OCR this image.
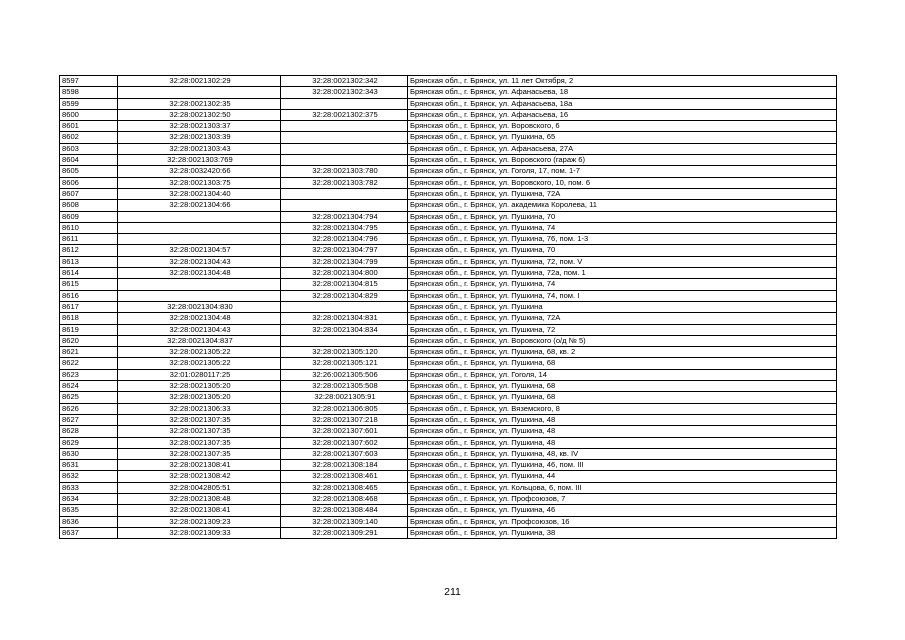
8597	32:28:0021302:29	32:28:0021302:342	Брянская обл., г. Брянск, ул. 11 лет Октября, 2
8598		32:28:0021302:343	Брянская обл., г. Брянск, ул. Афанасьева, 18
8599	32:28:0021302:35		Брянская обл., г. Брянск, ул. Афанасьева, 18а
8600	32:28:0021302:50	32:28:0021302:375	Брянская обл., г. Брянск, ул. Афанасьева, 16
8601	32:28:0021303:37		Брянская обл., г. Брянск, ул. Воровского, 6
8602	32:28:0021303:39		Брянская обл., г. Брянск, ул. Пушкина, 65
8603	32:28:0021303:43		Брянская обл., г. Брянск, ул. Афанасьева, 27А
8604	32:28:0021303:769		Брянская обл., г. Брянск, ул. Воровского (гараж 6)
8605	32:28:0032420:66	32:28:0021303:780	Брянская обл., г. Брянск, ул. Гоголя, 17, пом. 1-7
8606	32:28:0021303:75	32:28:0021303:782	Брянская обл., г. Брянск, ул. Воровского, 10, пом. 6
8607	32:28:0021304:40		Брянская обл., г. Брянск, ул. Пушкина, 72А
8608	32:28:0021304:66		Брянская обл., г. Брянск, ул. академика Королева, 11
8609		32:28:0021304:794	Брянская обл., г. Брянск, ул. Пушкина, 70
8610		32:28:0021304:795	Брянская обл., г. Брянск, ул. Пушкина, 74
8611		32:28:0021304:796	Брянская обл., г. Брянск, ул. Пушкина, 76, пом. 1-3
8612	32:28:0021304:57	32:28:0021304:797	Брянская обл., г. Брянск, ул. Пушкина, 70
8613	32:28:0021304:43	32:28:0021304:799	Брянская обл., г. Брянск, ул. Пушкина, 72, пом. V
8614	32:28:0021304:48	32:28:0021304:800	Брянская обл., г. Брянск, ул. Пушкина, 72а, пом. 1
8615		32:28:0021304:815	Брянская обл., г. Брянск, ул. Пушкина, 74
8616		32:28:0021304:829	Брянская обл., г. Брянск, ул. Пушкина, 74, пом. I
8617	32:28:0021304:830		Брянская обл., г. Брянск, ул. Пушкина
8618	32:28:0021304:48	32:28:0021304:831	Брянская обл., г. Брянск, ул. Пушкина, 72А
8619	32:28:0021304:43	32:28:0021304:834	Брянская обл., г. Брянск, ул. Пушкина, 72
8620	32:28:0021304:837		Брянская обл., г. Брянск, ул. Воровского (о/д № 5)
8621	32:28:0021305:22	32:28:0021305:120	Брянская обл., г. Брянск, ул. Пушкина, 68, кв. 2
8622	32:28:0021305:22	32:28:0021305:121	Брянская обл., г. Брянск, ул. Пушкина, 68
8623	32:01:0280117:25	32:26:0021305:506	Брянская обл., г. Брянск, ул. Гоголя, 14
8624	32:28:0021305:20	32:28:0021305:508	Брянская обл., г. Брянск, ул. Пушкина, 68
8625	32:28:0021305:20	32:28:0021305:91	Брянская обл., г. Брянск, ул. Пушкина, 68
8626	32:28:0021306:33	32:28:0021306:805	Брянская обл., г. Брянск, ул. Вяземского, 8
8627	32:28:0021307:35	32:28:0021307:218	Брянская обл., г. Брянск, ул. Пушкина, 48
8628	32:28:0021307:35	32:28:0021307:601	Брянская обл., г. Брянск, ул. Пушкина, 48
8629	32:28:0021307:35	32:28:0021307:602	Брянская обл., г. Брянск, ул. Пушкина, 48
8630	32:28:0021307:35	32:28:0021307:603	Брянская обл., г. Брянск, ул. Пушкина, 48, кв. IV
8631	32:28:0021308:41	32:28:0021308:184	Брянская обл., г. Брянск, ул. Пушкина, 46, пом. III
8632	32:28:0021308:42	32:28:0021308:461	Брянская обл., г. Брянск, ул. Пушкина, 44
8633	32:28:0042805:51	32:28:0021308:465	Брянская обл., г. Брянск, ул. Кольцова, 6, пом. III
8634	32:28:0021308:48	32:28:0021308:468	Брянская обл., г. Брянск, ул. Профсоюзов, 7
8635	32:28:0021308:41	32:28:0021308:484	Брянская обл., г. Брянск, ул. Пушкина, 46
8636	32:28:0021309:23	32:28:0021309:140	Брянская обл., г. Брянск, ул. Профсоюзов, 16
8637	32:28:0021309:33	32:28:0021309:291	Брянская обл., г. Брянск, ул. Пушкина, 38
211
